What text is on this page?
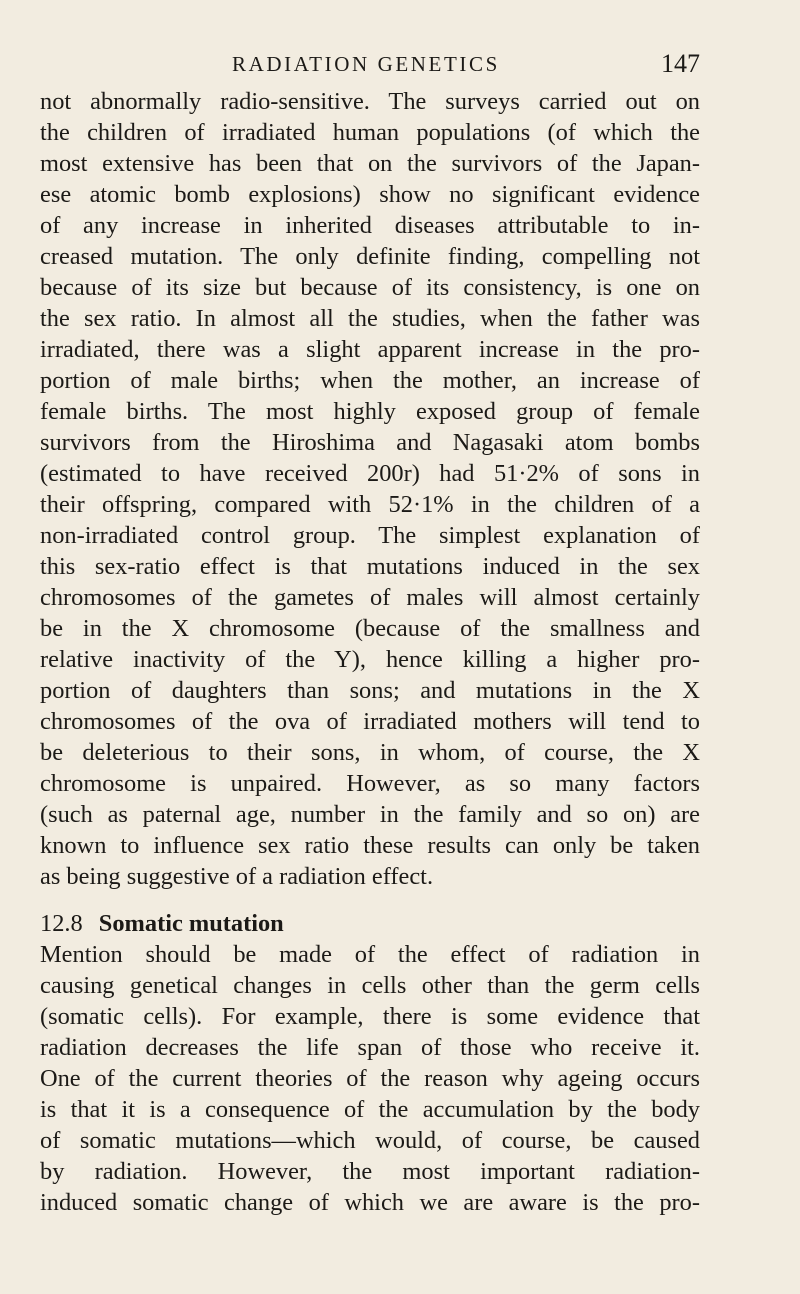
RADIATION GENETICS	147
not abnormally radio-sensitive. The surveys carried out on
the children of irradiated human populations (of which the
most extensive has been that on the survivors of the Japan-
ese atomic bomb explosions) show no significant evidence
of any increase in inherited diseases attributable to in-
creased mutation. The only definite finding, compelling not
because of its size but because of its consistency, is one on
the sex ratio. In almost all the studies, when the father was
irradiated, there was a slight apparent increase in the pro-
portion of male births; when the mother, an increase of
female births. The most highly exposed group of female
survivors from the Hiroshima and Nagasaki atom bombs
(estimated to have received 200r) had 51·2% of sons in
their offspring, compared with 52·1% in the children of a
non-irradiated control group. The simplest explanation of
this sex-ratio effect is that mutations induced in the sex
chromosomes of the gametes of males will almost certainly
be in the X chromosome (because of the smallness and
relative inactivity of the Y), hence killing a higher pro-
portion of daughters than sons; and mutations in the X
chromosomes of the ova of irradiated mothers will tend to
be deleterious to their sons, in whom, of course, the X
chromosome is unpaired. However, as so many factors
(such as paternal age, number in the family and so on) are
known to influence sex ratio these results can only be taken
as being suggestive of a radiation effect.
12.8 Somatic mutation
Mention should be made of the effect of radiation in
causing genetical changes in cells other than the germ cells
(somatic cells). For example, there is some evidence that
radiation decreases the life span of those who receive it.
One of the current theories of the reason why ageing occurs
is that it is a consequence of the accumulation by the body
of somatic mutations—which would, of course, be caused
by radiation. However, the most important radiation-
induced somatic change of which we are aware is the pro-
